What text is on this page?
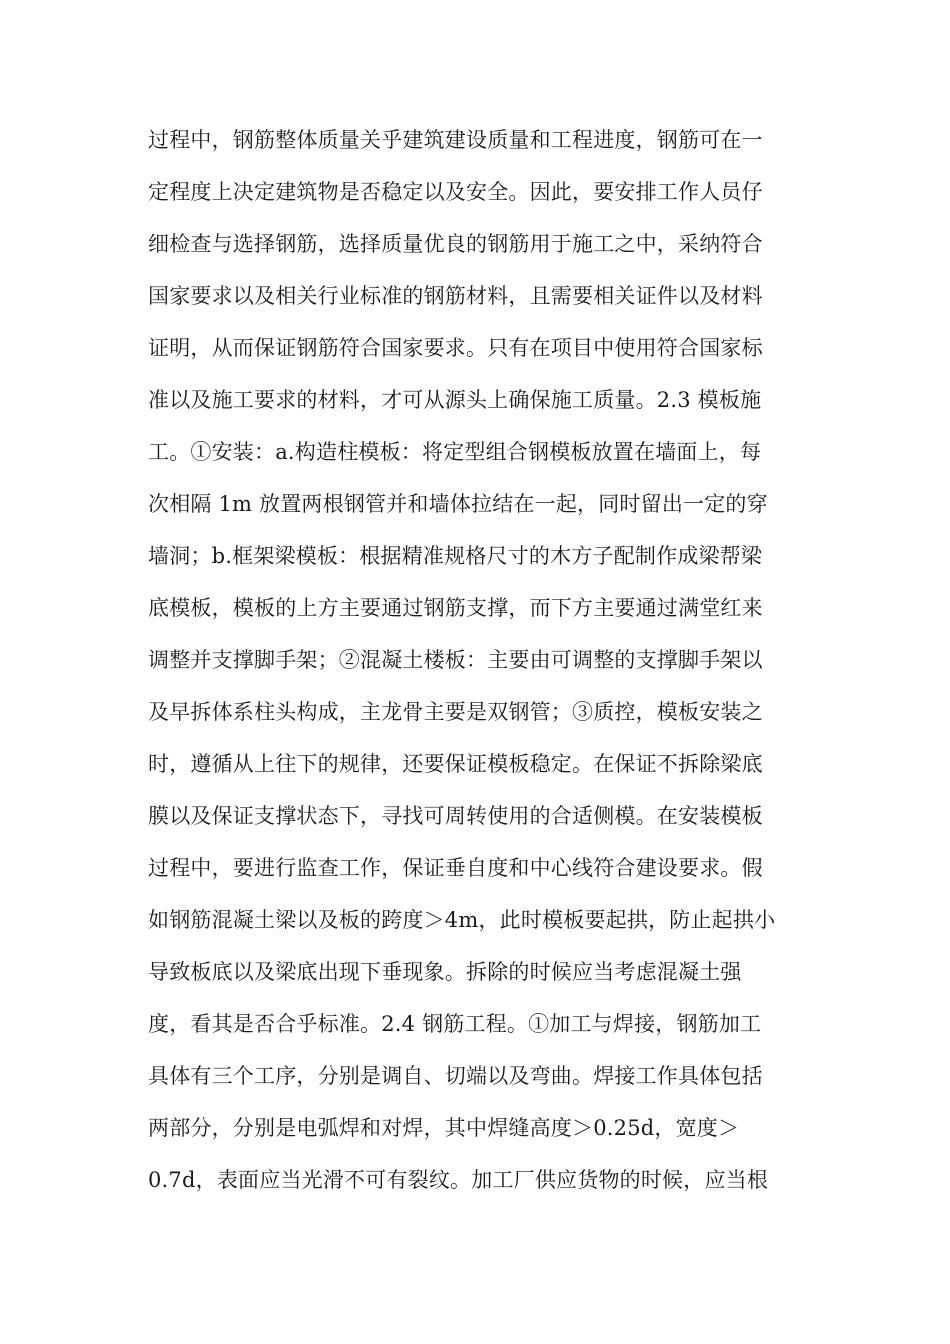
过程中，钢筋整体质量关乎建筑建设质量和工程进度，钢筋可在一
定程度上决定建筑物是否稳定以及安全。因此，要安排工作人员仔
细检查与选择钢筋，选择质量优良的钢筋用于施工之中，采纳符合
国家要求以及相关行业标准的钢筋材料，且需要相关证件以及材料
证明，从而保证钢筋符合国家要求。只有在项目中使用符合国家标
准以及施工要求的材料，才可从源头上确保施工质量。2.3 模板施
工。①安装：a.构造柱模板：将定型组合钢模板放置在墙面上，每
次相隔 1m 放置两根钢管并和墙体拉结在一起，同时留出一定的穿
墙洞；b.框架梁模板：根据精准规格尺寸的木方子配制作成梁帮梁
底模板，模板的上方主要通过钢筋支撑，而下方主要通过满堂红来
调整并支撑脚手架；②混凝土楼板：主要由可调整的支撑脚手架以
及早拆体系柱头构成，主龙骨主要是双钢管；③质控，模板安装之
时，遵循从上往下的规律，还要保证模板稳定。在保证不拆除梁底
膜以及保证支撑状态下，寻找可周转使用的合适侧模。在安装模板
过程中，要进行监查工作，保证垂自度和中心线符合建设要求。假
如钢筋混凝土梁以及板的跨度＞4m，此时模板要起拱，防止起拱小
导致板底以及梁底出现下垂现象。拆除的时候应当考虑混凝土强
度，看其是否合乎标准。2.4 钢筋工程。①加工与焊接，钢筋加工
具体有三个工序，分别是调自、切端以及弯曲。焊接工作具体包括
两部分，分别是电弧焊和对焊，其中焊缝高度＞0.25d，宽度＞
0.7d，表面应当光滑不可有裂纹。加工厂供应货物的时候，应当根
